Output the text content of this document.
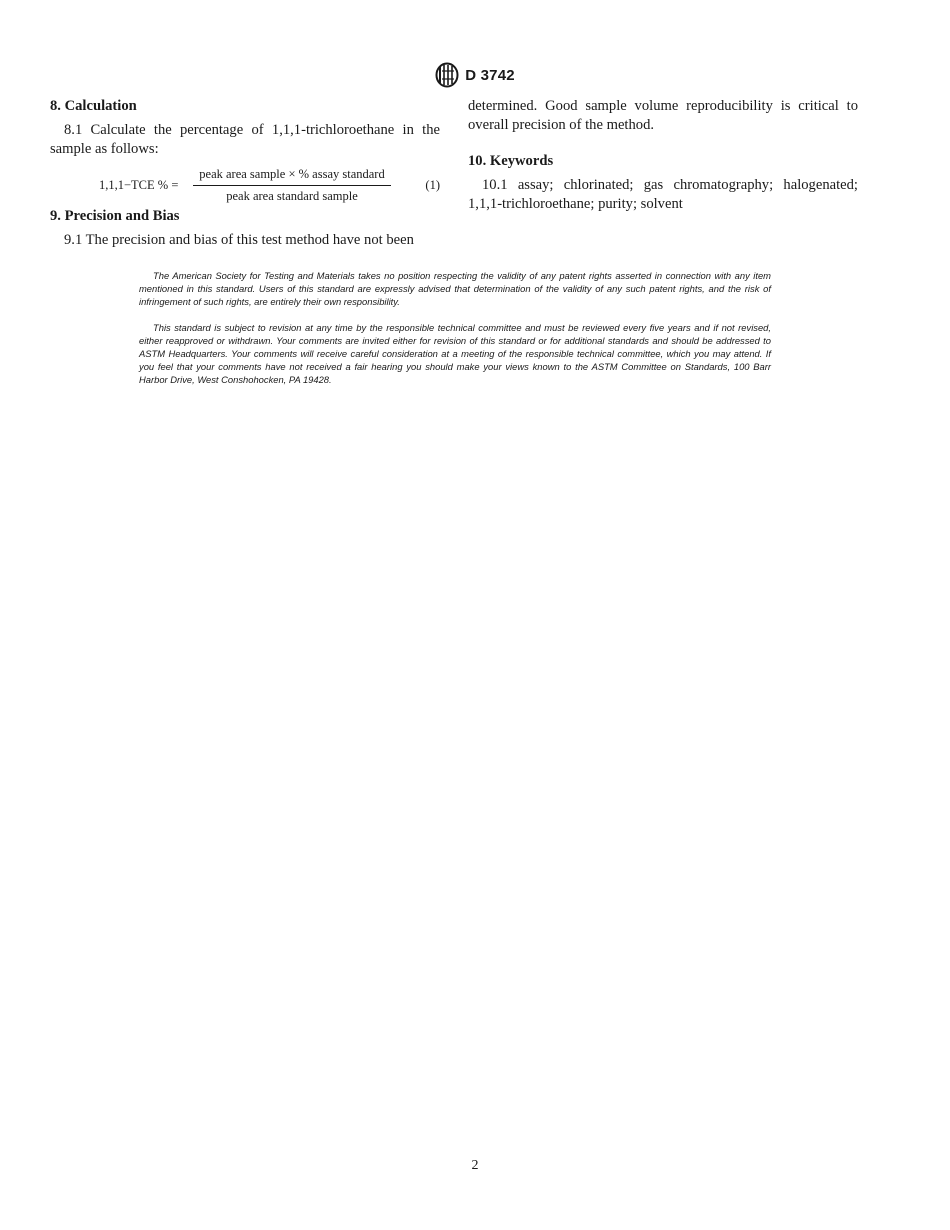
D 3742
8. Calculation

8.1 Calculate the percentage of 1,1,1-trichloroethane in the sample as follows:

1,1,1−TCE % =
peak area sample × % assay standard
peak area standard sample
(1)
9. Precision and Bias

9.1 The precision and bias of this test method have not been

determined. Good sample volume reproducibility is critical to overall precision of the method.

10. Keywords

10.1 assay; chlorinated; gas chromatography; halogenated; 1,1,1-trichloroethane; purity; solvent

The American Society for Testing and Materials takes no position respecting the validity of any patent rights asserted in connection with any item mentioned in this standard. Users of this standard are expressly advised that determination of the validity of any such patent rights, and the risk of infringement of such rights, are entirely their own responsibility.

This standard is subject to revision at any time by the responsible technical committee and must be reviewed every five years and if not revised, either reapproved or withdrawn. Your comments are invited either for revision of this standard or for additional standards and should be addressed to ASTM Headquarters. Your comments will receive careful consideration at a meeting of the responsible technical committee, which you may attend. If you feel that your comments have not received a fair hearing you should make your views known to the ASTM Committee on Standards, 100 Barr Harbor Drive, West Conshohocken, PA 19428.

2
